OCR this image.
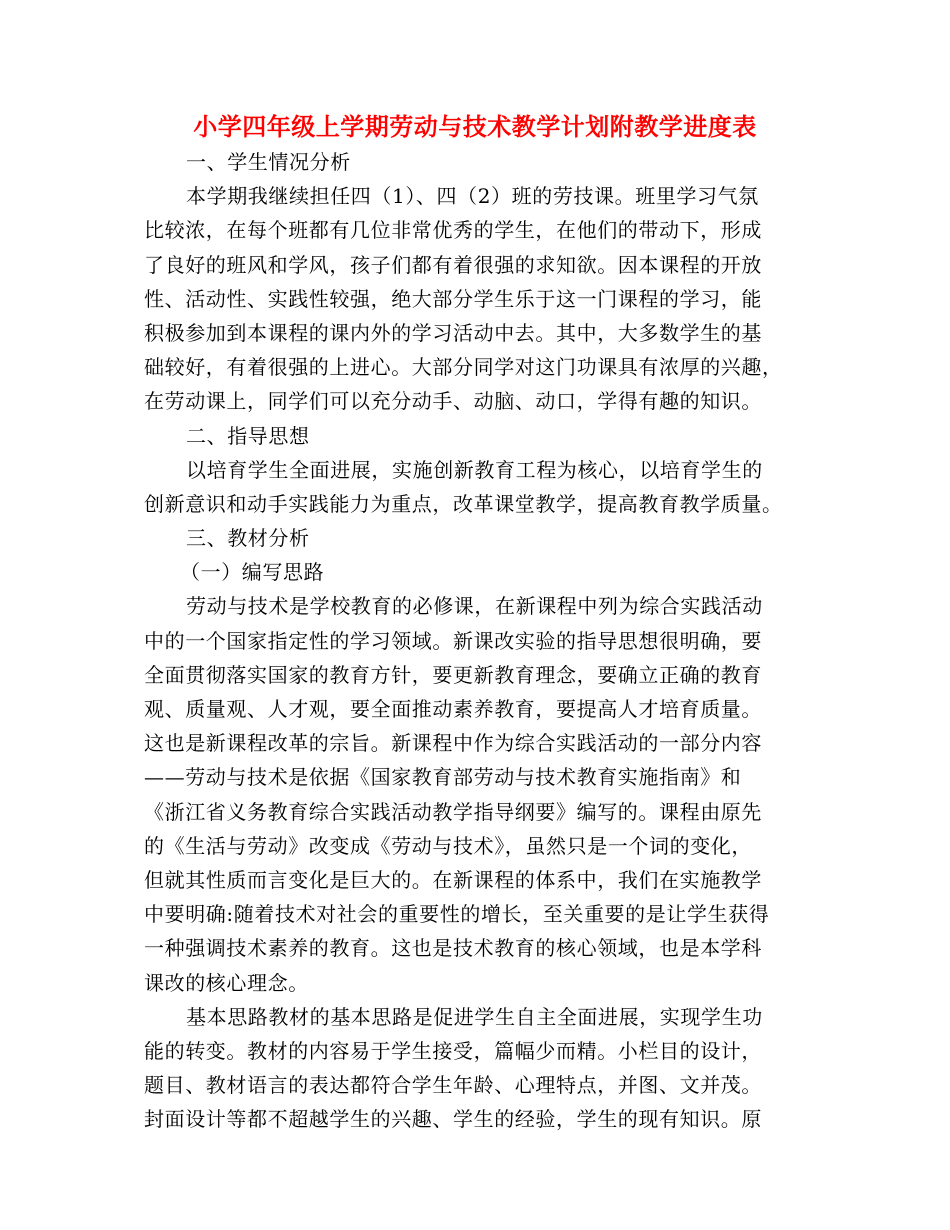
小学四年级上学期劳动与技术教学计划附教学进度表
一、学生情况分析
本学期我继续担任四（1）、四（2）班的劳技课。班里学习气氛
比较浓，在每个班都有几位非常优秀的学生，在他们的带动下，形成
了良好的班风和学风，孩子们都有着很强的求知欲。因本课程的开放
性、活动性、实践性较强，绝大部分学生乐于这一门课程的学习，能
积极参加到本课程的课内外的学习活动中去。其中，大多数学生的基
础较好，有着很强的上进心。大部分同学对这门功课具有浓厚的兴趣，
在劳动课上，同学们可以充分动手、动脑、动口，学得有趣的知识。
二、指导思想
以培育学生全面进展，实施创新教育工程为核心，以培育学生的
创新意识和动手实践能力为重点，改革课堂教学，提高教育教学质量。
三、教材分析
（一）编写思路
劳动与技术是学校教育的必修课，在新课程中列为综合实践活动
中的一个国家指定性的学习领域。新课改实验的指导思想很明确，要
全面贯彻落实国家的教育方针，要更新教育理念，要确立正确的教育
观、质量观、人才观，要全面推动素养教育，要提高人才培育质量。
这也是新课程改革的宗旨。新课程中作为综合实践活动的一部分内容
——劳动与技术是依据《国家教育部劳动与技术教育实施指南》和
《浙江省义务教育综合实践活动教学指导纲要》编写的。课程由原先
的《生活与劳动》改变成《劳动与技术》，虽然只是一个词的变化，
但就其性质而言变化是巨大的。在新课程的体系中，我们在实施教学
中要明确:随着技术对社会的重要性的增长，至关重要的是让学生获得
一种强调技术素养的教育。这也是技术教育的核心领域，也是本学科
课改的核心理念。
基本思路教材的基本思路是促进学生自主全面进展，实现学生功
能的转变。教材的内容易于学生接受，篇幅少而精。小栏目的设计，
题目、教材语言的表达都符合学生年龄、心理特点，并图、文并茂。
封面设计等都不超越学生的兴趣、学生的经验，学生的现有知识。原
